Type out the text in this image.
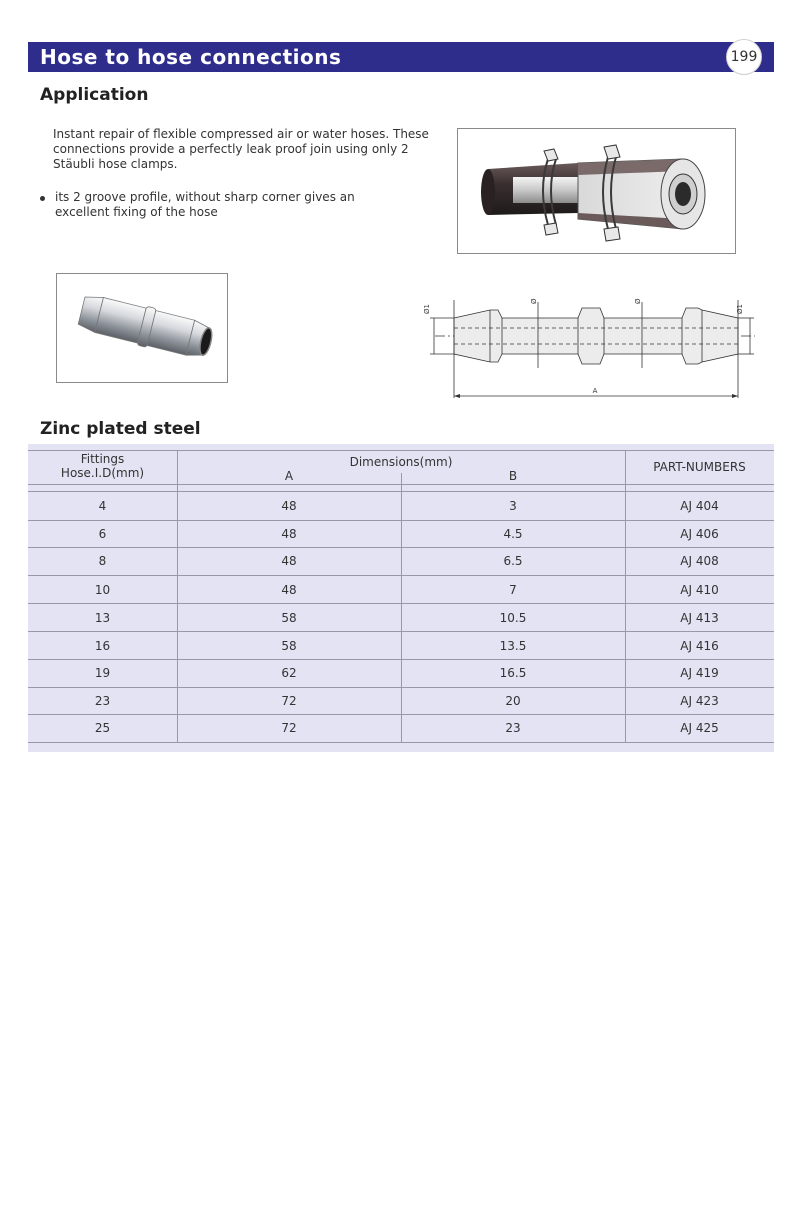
Hose to hose connections	199
Application

Instant repair of flexible compressed air or water hoses. These connections provide a perfectly leak proof join using only 2 Stäubli hose clamps.

its 2 groove profile, without sharp corner gives an excellent fixing of the hose
A
Ø1	Ø1
Ø	Ø
Zinc plated steel
Fittings
Hose.I.D(mm)
Dimensions(mm)
A	B
PART-NUMBERS
4	48	3	AJ 404
6	48	4.5	AJ 406
8	48	6.5	AJ 408
10	48	7	AJ 410
13	58	10.5	AJ 413
16	58	13.5	AJ 416
19	62	16.5	AJ 419
23	72	20	AJ 423
25	72	23	AJ 425
